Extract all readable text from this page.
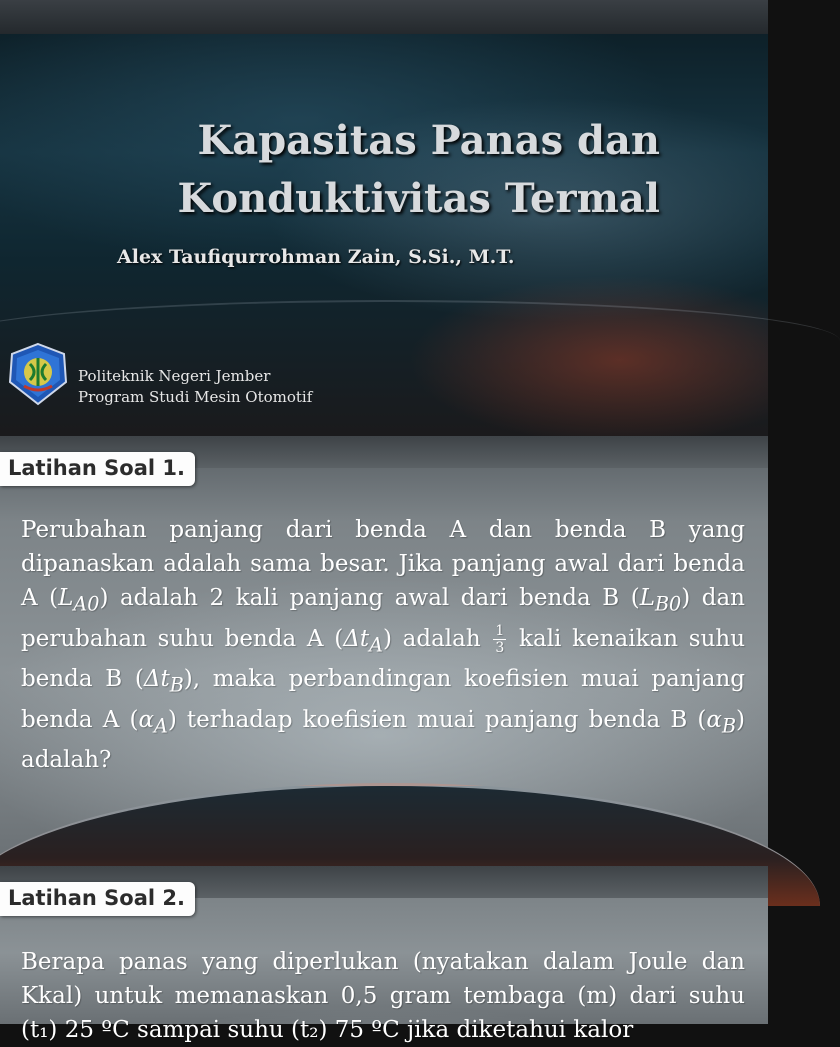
Kapasitas Panas dan
Konduktivitas Termal
Alex Taufiqurrohman Zain, S.Si., M.T.
Politeknik Negeri Jember
Program Studi Mesin Otomotif
Latihan Soal 1.
Perubahan panjang dari benda A dan benda B yang dipanaskan adalah sama besar. Jika panjang awal dari benda A $(L_{A0})$ adalah 2 kali panjang awal dari benda B $(L_{B0})$ dan perubahan suhu benda A $(\Delta t_A)$ adalah $\frac{1}{3}$ kali kenaikan suhu benda B $(\Delta t_B)$, maka perbandingan koefisien muai panjang benda A $(\alpha_A)$ terhadap koefisien muai panjang benda B $(\alpha_B)$ adalah?
Latihan Soal 2.
Berapa panas yang diperlukan (nyatakan dalam Joule dan Kkal) untuk memanaskan 0,5 gram tembaga (m) dari suhu (t₁) 25 ºC sampai suhu (t₂) 75 ºC jika diketahui kalor
